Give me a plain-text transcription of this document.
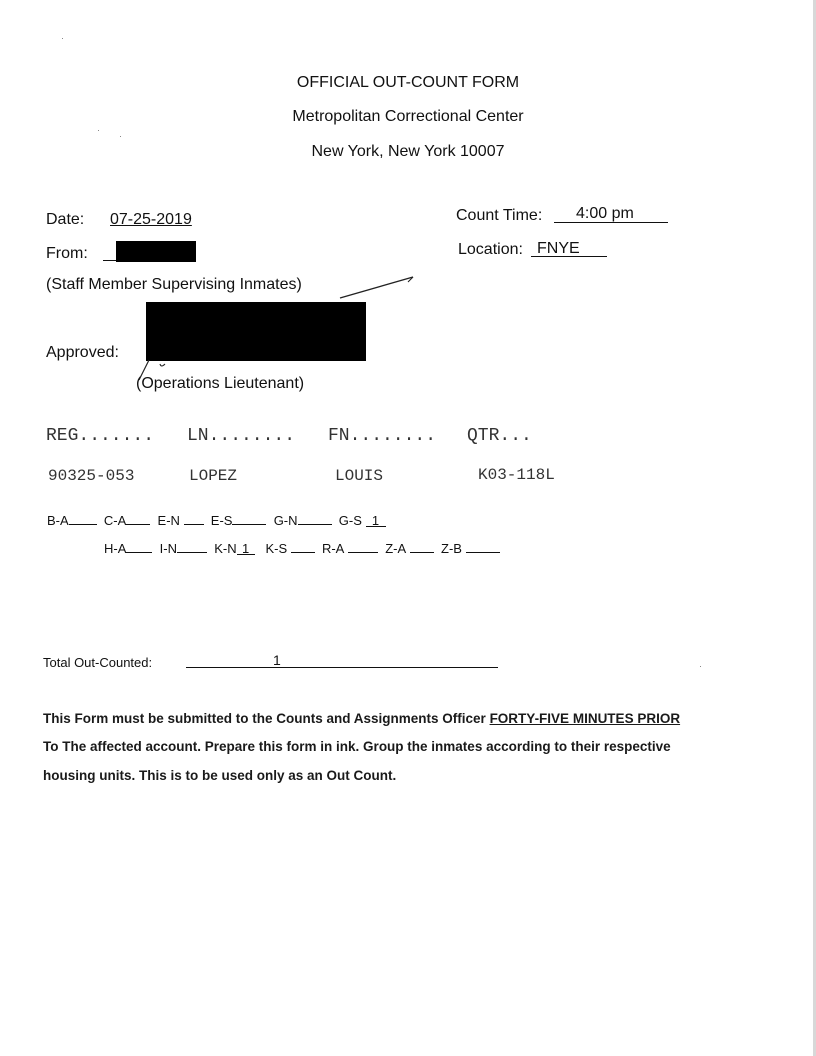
OFFICIAL OUT-COUNT FORM
Metropolitan Correctional Center
New York, New York 10007
Date: 07-25-2019	Count Time: 4:00 pm
From:	Location: FNYE
(Staff Member Supervising Inmates)
Approved:
(Operations Lieutenant)
REG....... LN........ FN........ QTR...
90325-053	LOPEZ	LOUIS	K03-118L
B-A	C-A E-N E-S	G-N	G-S 1
H-A	I-N	K-N 1 K-S	R-A	Z-A	Z-B
Total Out-Counted:	1
This Form must be submitted to the Counts and Assignments Officer FORTY-FIVE MINUTES PRIOR
To The affected account. Prepare this form in ink. Group the inmates according to their respective
housing units. This is to be used only as an Out Count.
